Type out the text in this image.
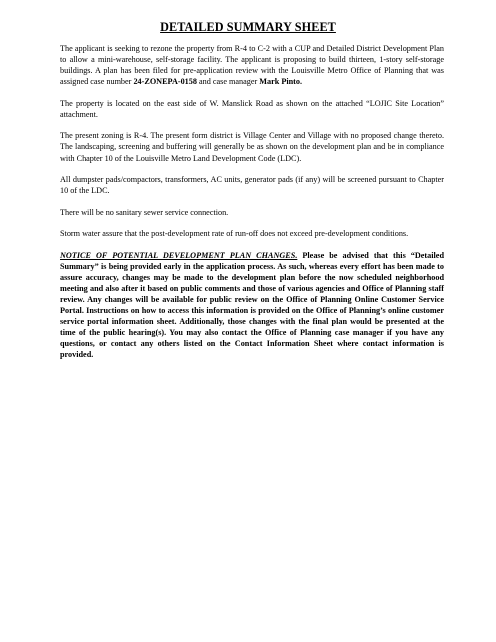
DETAILED SUMMARY SHEET

The applicant is seeking to rezone the property from R-4 to C-2 with a CUP and Detailed District Development Plan to allow a mini-warehouse, self-storage facility. The applicant is proposing to build thirteen, 1-story self-storage buildings. A plan has been filed for pre-application review with the Louisville Metro Office of Planning that was assigned case number 24-ZONEPA-0158 and case manager Mark Pinto.

The property is located on the east side of W. Manslick Road as shown on the attached “LOJIC Site Location” attachment.

The present zoning is R-4. The present form district is Village Center and Village with no proposed change thereto. The landscaping, screening and buffering will generally be as shown on the development plan and be in compliance with Chapter 10 of the Louisville Metro Land Development Code (LDC).

All dumpster pads/compactors, transformers, AC units, generator pads (if any) will be screened pursuant to Chapter 10 of the LDC.

There will be no sanitary sewer service connection.

Storm water assure that the post-development rate of run-off does not exceed pre-development conditions.

NOTICE OF POTENTIAL DEVELOPMENT PLAN CHANGES. Please be advised that this “Detailed Summary” is being provided early in the application process. As such, whereas every effort has been made to assure accuracy, changes may be made to the development plan before the now scheduled neighborhood meeting and also after it based on public comments and those of various agencies and Office of Planning staff review. Any changes will be available for public review on the Office of Planning Online Customer Service Portal. Instructions on how to access this information is provided on the Office of Planning’s online customer service portal information sheet. Additionally, those changes with the final plan would be presented at the time of the public hearing(s). You may also contact the Office of Planning case manager if you have any questions, or contact any others listed on the Contact Information Sheet where contact information is provided.
